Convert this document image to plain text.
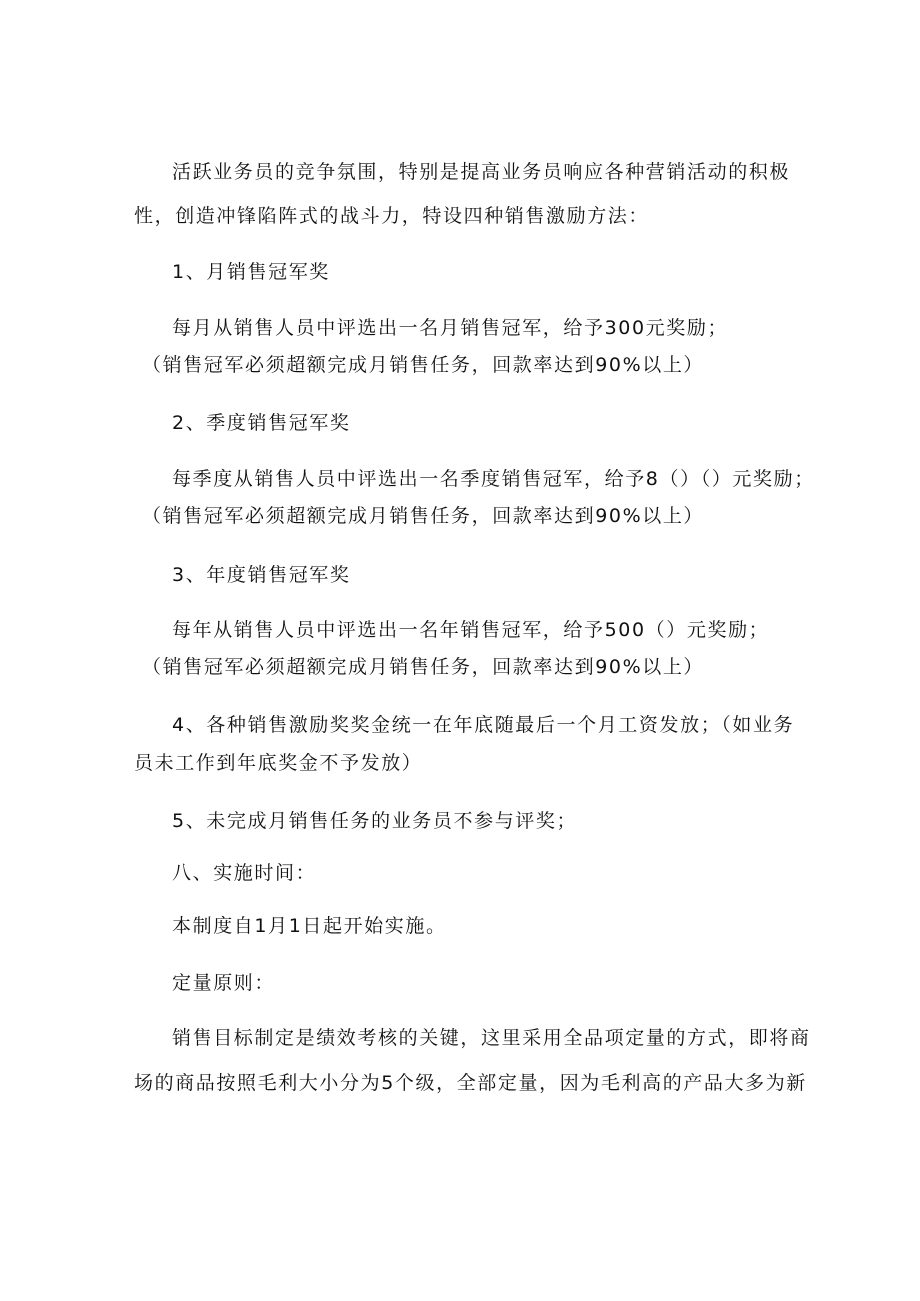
活跃业务员的竞争氛围，特别是提高业务员响应各种营销活动的积极
性，创造冲锋陷阵式的战斗力，特设四种销售激励方法：
1、月销售冠军奖
每月从销售人员中评选出一名月销售冠军，给予300元奖励；
（销售冠军必须超额完成月销售任务，回款率达到90%以上）
2、季度销售冠军奖
每季度从销售人员中评选出一名季度销售冠军，给予8（）（）元奖励；
（销售冠军必须超额完成月销售任务，回款率达到90%以上）
3、年度销售冠军奖
每年从销售人员中评选出一名年销售冠军，给予500（）元奖励；
（销售冠军必须超额完成月销售任务，回款率达到90%以上）
4、各种销售激励奖奖金统一在年底随最后一个月工资发放；（如业务
员未工作到年底奖金不予发放）
5、未完成月销售任务的业务员不参与评奖；
八、实施时间：
本制度自1月1日起开始实施。
定量原则：
销售目标制定是绩效考核的关键，这里采用全品项定量的方式，即将商
场的商品按照毛利大小分为5个级，全部定量，因为毛利高的产品大多为新
